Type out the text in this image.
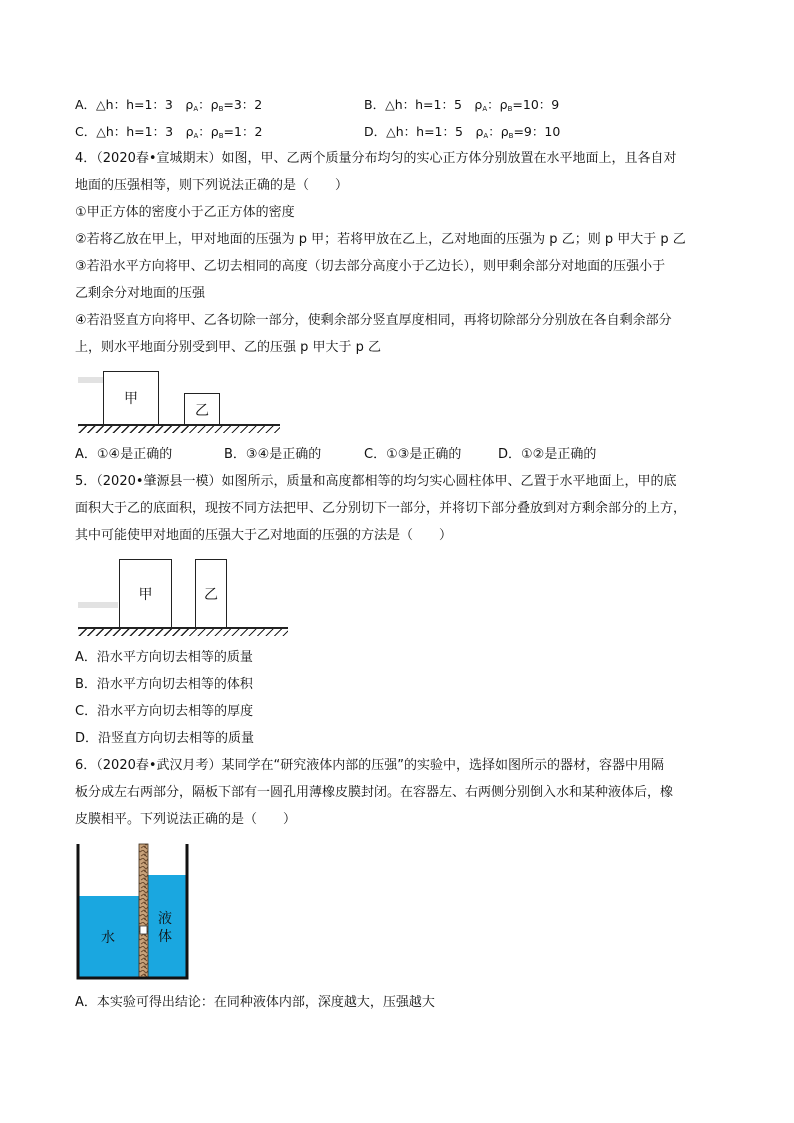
A．△h：h=1：3　$\rho_A$：$\rho_B=3$：2	B．△h：h=1：5　$\rho_A$：$\rho_B=10$：9
C．△h：h=1：3　$\rho_A$：$\rho_B=1$：2	D．△h：h=1：5　$\rho_A$：$\rho_B=9$：10
4．（2020春•宣城期末）如图，甲、乙两个质量分布均匀的实心正方体分别放置在水平地面上，且各自对
地面的压强相等，则下列说法正确的是（　　）
①甲正方体的密度小于乙正方体的密度
②若将乙放在甲上，甲对地面的压强为 p 甲；若将甲放在乙上，乙对地面的压强为 p 乙；则 p 甲大于 p 乙
③若沿水平方向将甲、乙切去相同的高度（切去部分高度小于乙边长），则甲剩余部分对地面的压强小于
乙剩余分对地面的压强
④若沿竖直方向将甲、乙各切除一部分，使剩余部分竖直厚度相同，再将切除部分分别放在各自剩余部分
上，则水平地面分别受到甲、乙的压强 p 甲大于 p 乙
甲
乙
A．①④是正确的	B．③④是正确的	C．①③是正确的	D．①②是正确的
5．（2020•肇源县一模）如图所示，质量和高度都相等的均匀实心圆柱体甲、乙置于水平地面上，甲的底
面积大于乙的底面积，现按不同方法把甲、乙分别切下一部分，并将切下部分叠放到对方剩余部分的上方，
其中可能使甲对地面的压强大于乙对地面的压强的方法是（　　）
甲	乙
A．沿水平方向切去相等的质量
B．沿水平方向切去相等的体积
C．沿水平方向切去相等的厚度
D．沿竖直方向切去相等的质量
6．（2020春•武汉月考）某同学在“研究液体内部的压强”的实验中，选择如图所示的器材，容器中用隔
板分成左右两部分，隔板下部有一圆孔用薄橡皮膜封闭。在容器左、右两侧分别倒入水和某种液体后，橡
皮膜相平。下列说法正确的是（　　）
水
液
体
A．本实验可得出结论：在同种液体内部，深度越大，压强越大
